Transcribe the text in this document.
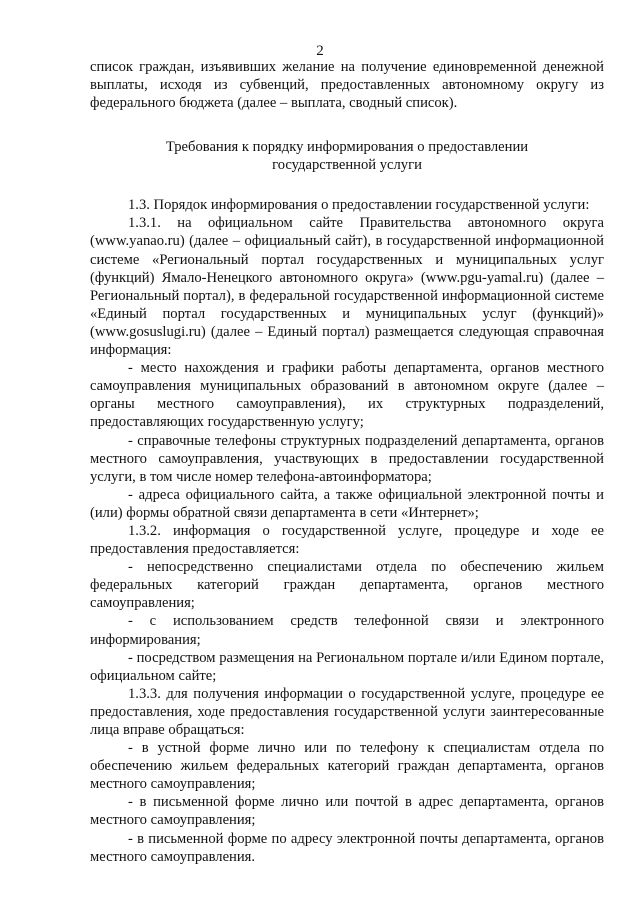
2

список граждан, изъявивших желание на получение единовременной денежной выплаты, исходя из субвенций, предоставленных автономному округу из федерального бюджета (далее – выплата, сводный список).

Требования к порядку информирования о предоставлении

государственной услуги

1.3. Порядок информирования о предоставлении государственной услуги:

1.3.1. на официальном сайте Правительства автономного округа (www.yanao.ru) (далее – официальный сайт), в государственной информационной системе «Региональный портал государственных и муниципальных услуг (функций) Ямало-Ненецкого автономного округа» (www.pgu-yamal.ru) (далее – Региональный портал), в федеральной государственной информационной системе «Единый портал государственных и муниципальных услуг (функций)» (www.gosuslugi.ru) (далее – Единый портал) размещается следующая справочная информация:

- место нахождения и графики работы департамента, органов местного самоуправления муниципальных образований в автономном округе (далее – органы местного самоуправления), их структурных подразделений, предоставляющих государственную услугу;

- справочные телефоны структурных подразделений департамента, органов местного самоуправления, участвующих в предоставлении государственной услуги, в том числе номер телефона-автоинформатора;

- адреса официального сайта, а также официальной электронной почты и (или) формы обратной связи департамента в сети «Интернет»;

1.3.2. информация о государственной услуге, процедуре и ходе ее предоставления предоставляется:

- непосредственно специалистами отдела по обеспечению жильем федеральных категорий граждан департамента, органов местного самоуправления;

- с использованием средств телефонной связи и электронного информирования;

- посредством размещения на Региональном портале и/или Едином портале, официальном сайте;

1.3.3. для получения информации о государственной услуге, процедуре ее предоставления, ходе предоставления государственной услуги заинтересованные лица вправе обращаться:

- в устной форме лично или по телефону к специалистам отдела по обеспечению жильем федеральных категорий граждан департамента, органов местного самоуправления;

- в письменной форме лично или почтой в адрес департамента, органов местного самоуправления;

- в письменной форме по адресу электронной почты департамента, органов местного самоуправления.
